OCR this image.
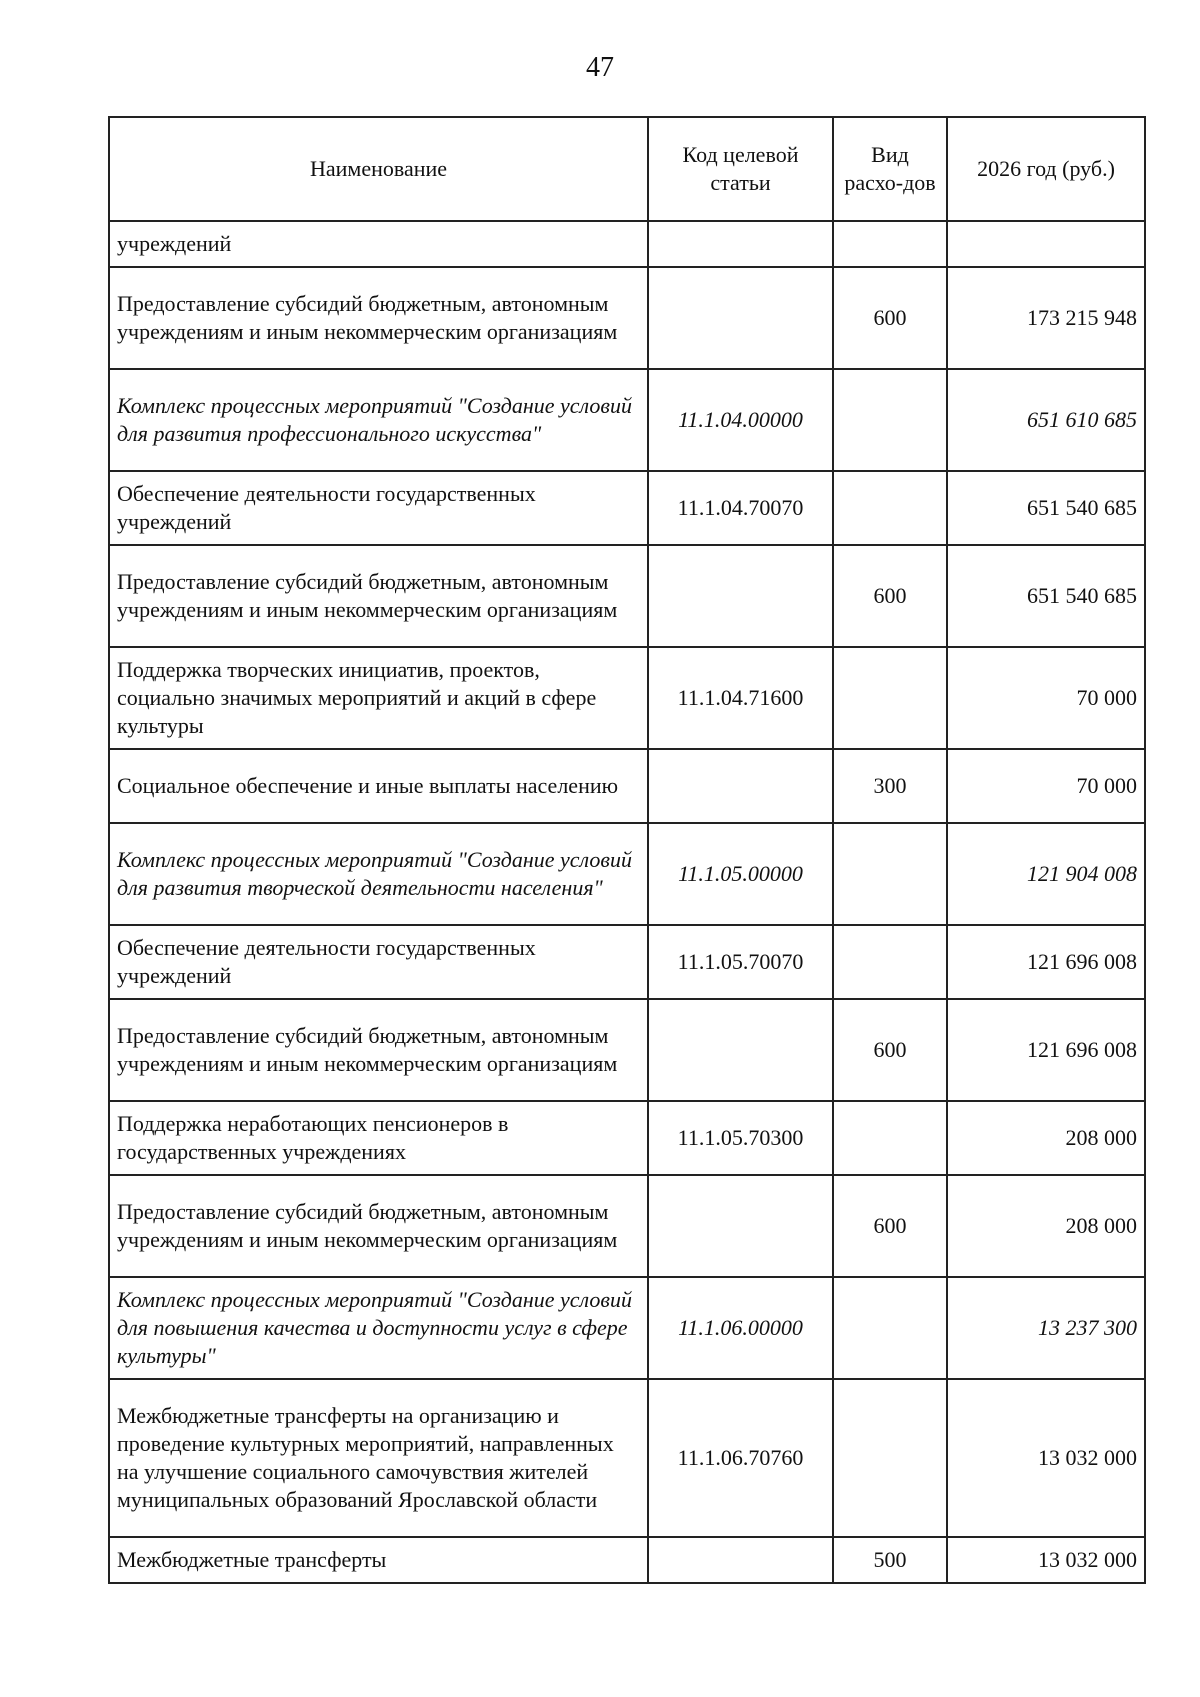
47
Наименование	Код целевой статьи	Вид расхо-дов	2026 год (руб.)
учреждений			
Предоставление субсидий бюджетным, автономным учреждениям и иным некоммерческим организациям		600	173 215 948
Комплекс процессных мероприятий "Создание условий для развития профессионального искусства"	11.1.04.00000		651 610 685
Обеспечение деятельности государственных учреждений	11.1.04.70070		651 540 685
Предоставление субсидий бюджетным, автономным учреждениям и иным некоммерческим организациям		600	651 540 685
Поддержка творческих инициатив, проектов, социально значимых мероприятий и акций в сфере культуры	11.1.04.71600		70 000
Социальное обеспечение и иные выплаты населению		300	70 000
Комплекс процессных мероприятий "Создание условий для развития творческой деятельности населения"	11.1.05.00000		121 904 008
Обеспечение деятельности государственных учреждений	11.1.05.70070		121 696 008
Предоставление субсидий бюджетным, автономным учреждениям и иным некоммерческим организациям		600	121 696 008
Поддержка неработающих пенсионеров в государственных учреждениях	11.1.05.70300		208 000
Предоставление субсидий бюджетным, автономным учреждениям и иным некоммерческим организациям		600	208 000
Комплекс процессных мероприятий "Создание условий для повышения качества и доступности услуг в сфере культуры"	11.1.06.00000		13 237 300
Межбюджетные трансферты на организацию и проведение культурных мероприятий, направленных на улучшение социального самочувствия жителей муниципальных образований Ярославской области	11.1.06.70760		13 032 000
Межбюджетные трансферты		500	13 032 000
